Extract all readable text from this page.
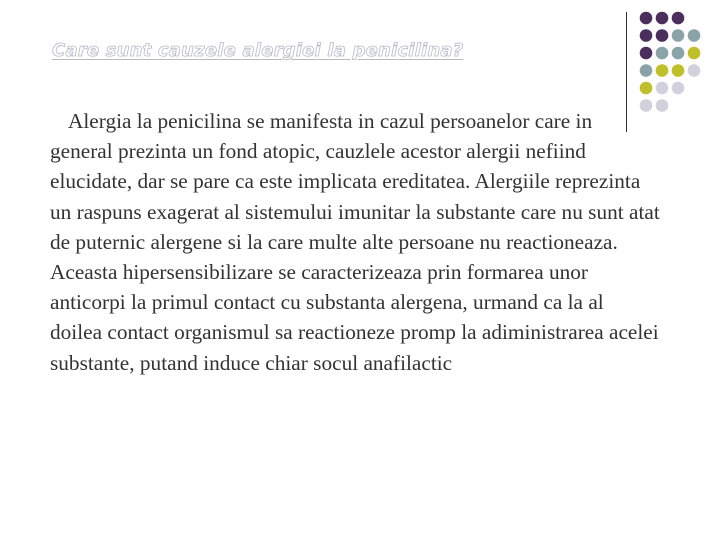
Care sunt cauzele alergiei la penicilina?

Alergia la penicilina se manifesta in cazul persoanelor care in general prezinta un fond atopic, cauzlele acestor alergii nefiind elucidate, dar se pare ca este implicata ereditatea. Alergiile reprezinta un raspuns exagerat al sistemului imunitar la substante care nu sunt atat de puternic alergene si la care multe alte persoane nu reactioneaza. Aceasta hipersensibilizare se caracterizeaza prin formarea unor anticorpi la primul contact cu substanta alergena, urmand ca la al doilea contact organismul sa reactioneze promp la adiministrarea acelei substante, putand induce chiar socul anafilactic
